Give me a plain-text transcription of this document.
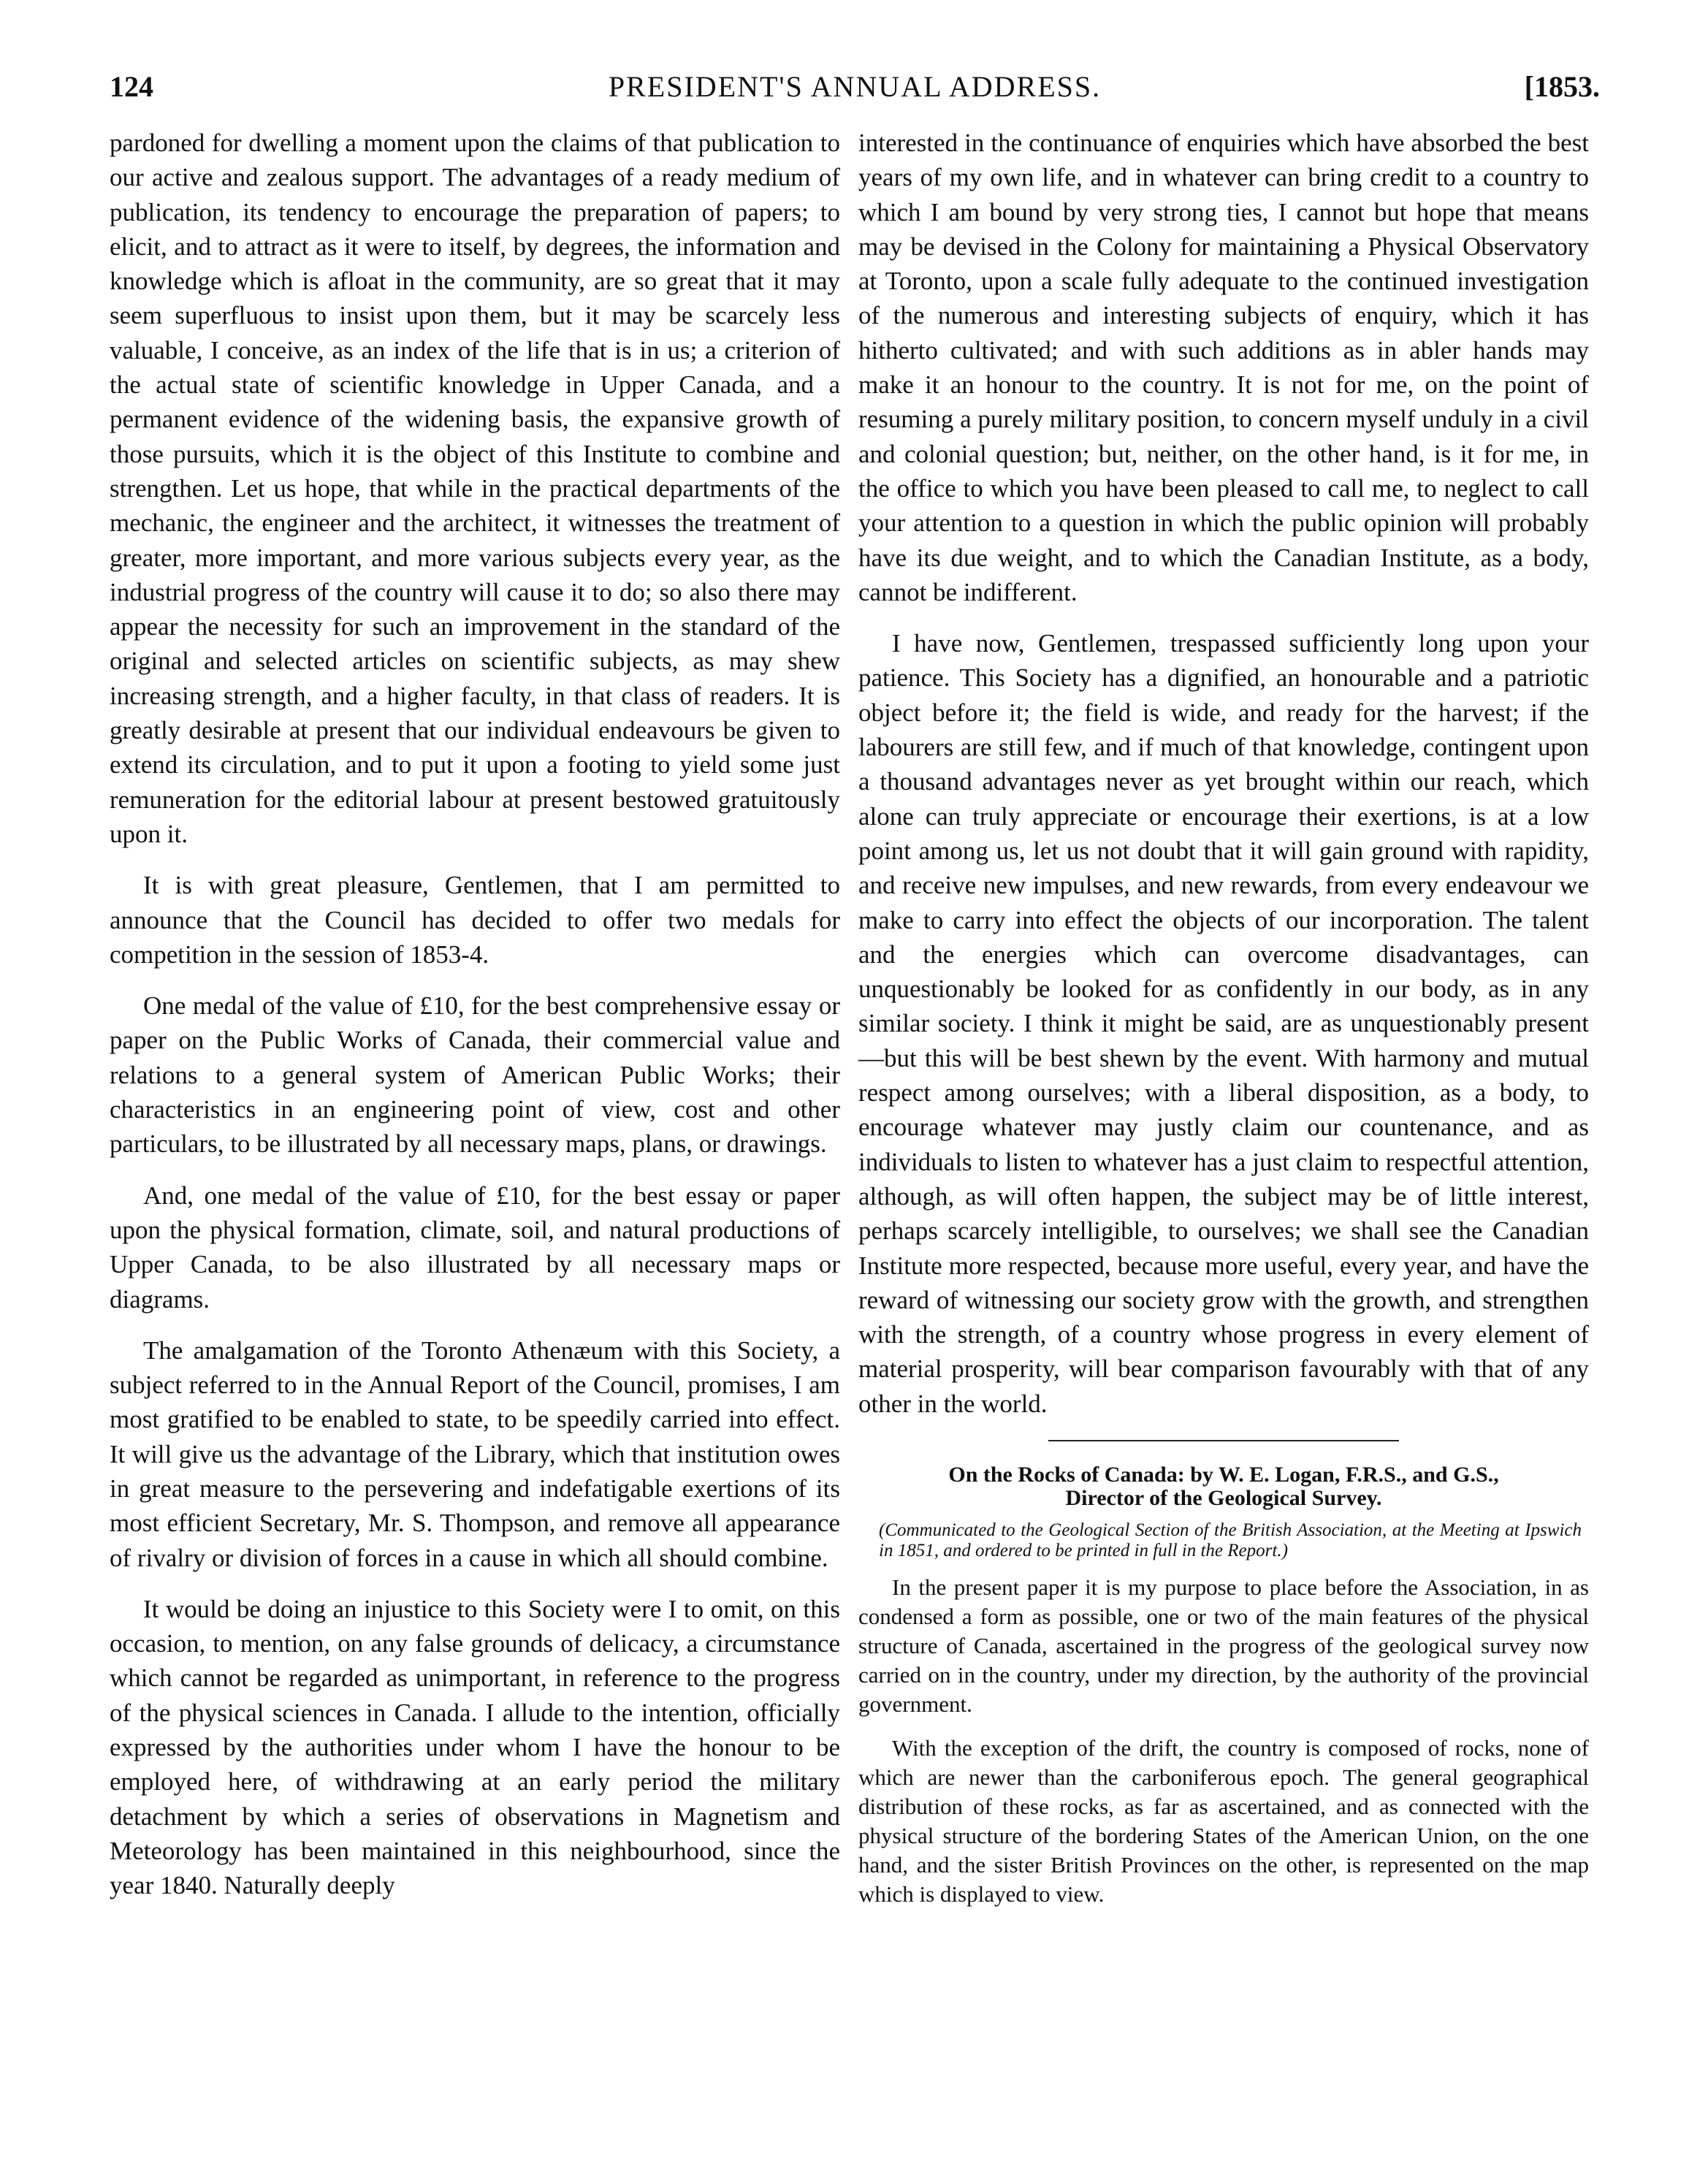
124	PRESIDENT'S ANNUAL ADDRESS.	[1853.

pardoned for dwelling a moment upon the claims of that publication to our active and zealous support. The advantages of a ready medium of publication, its tendency to encourage the preparation of papers; to elicit, and to attract as it were to itself, by degrees, the information and knowledge which is afloat in the community, are so great that it may seem superfluous to insist upon them, but it may be scarcely less valuable, I conceive, as an index of the life that is in us; a criterion of the actual state of scientific knowledge in Upper Canada, and a permanent evidence of the widening basis, the expansive growth of those pursuits, which it is the object of this Institute to combine and strengthen. Let us hope, that while in the practical departments of the mechanic, the engineer and the architect, it witnesses the treatment of greater, more important, and more various subjects every year, as the industrial progress of the country will cause it to do; so also there may appear the necessity for such an improvement in the standard of the original and selected articles on scientific subjects, as may shew increasing strength, and a higher faculty, in that class of readers. It is greatly desirable at present that our individual endeavours be given to extend its circulation, and to put it upon a footing to yield some just remuneration for the editorial labour at present bestowed gratuitously upon it.

It is with great pleasure, Gentlemen, that I am permitted to announce that the Council has decided to offer two medals for competition in the session of 1853-4.

One medal of the value of £10, for the best comprehensive essay or paper on the Public Works of Canada, their commercial value and relations to a general system of American Public Works; their characteristics in an engineering point of view, cost and other particulars, to be illustrated by all necessary maps, plans, or drawings.

And, one medal of the value of £10, for the best essay or paper upon the physical formation, climate, soil, and natural productions of Upper Canada, to be also illustrated by all necessary maps or diagrams.

The amalgamation of the Toronto Athenæum with this Society, a subject referred to in the Annual Report of the Council, promises, I am most gratified to be enabled to state, to be speedily carried into effect. It will give us the advantage of the Library, which that institution owes in great measure to the persevering and indefatigable exertions of its most efficient Secretary, Mr. S. Thompson, and remove all appearance of rivalry or division of forces in a cause in which all should combine.

It would be doing an injustice to this Society were I to omit, on this occasion, to mention, on any false grounds of delicacy, a circumstance which cannot be regarded as unimportant, in reference to the progress of the physical sciences in Canada. I allude to the intention, officially expressed by the authorities under whom I have the honour to be employed here, of withdrawing at an early period the military detachment by which a series of observations in Magnetism and Meteorology has been maintained in this neighbourhood, since the year 1840. Naturally deeply

interested in the continuance of enquiries which have absorbed the best years of my own life, and in whatever can bring credit to a country to which I am bound by very strong ties, I cannot but hope that means may be devised in the Colony for maintaining a Physical Observatory at Toronto, upon a scale fully adequate to the continued investigation of the numerous and interesting subjects of enquiry, which it has hitherto cultivated; and with such additions as in abler hands may make it an honour to the country. It is not for me, on the point of resuming a purely military position, to concern myself unduly in a civil and colonial question; but, neither, on the other hand, is it for me, in the office to which you have been pleased to call me, to neglect to call your attention to a question in which the public opinion will probably have its due weight, and to which the Canadian Institute, as a body, cannot be indifferent.

I have now, Gentlemen, trespassed sufficiently long upon your patience. This Society has a dignified, an honourable and a patriotic object before it; the field is wide, and ready for the harvest; if the labourers are still few, and if much of that knowledge, contingent upon a thousand advantages never as yet brought within our reach, which alone can truly appreciate or encourage their exertions, is at a low point among us, let us not doubt that it will gain ground with rapidity, and receive new impulses, and new rewards, from every endeavour we make to carry into effect the objects of our incorporation. The talent and the energies which can overcome disadvantages, can unquestionably be looked for as confidently in our body, as in any similar society. I think it might be said, are as unquestionably present—but this will be best shewn by the event. With harmony and mutual respect among ourselves; with a liberal disposition, as a body, to encourage whatever may justly claim our countenance, and as individuals to listen to whatever has a just claim to respectful attention, although, as will often happen, the subject may be of little interest, perhaps scarcely intelligible, to ourselves; we shall see the Canadian Institute more respected, because more useful, every year, and have the reward of witnessing our society grow with the growth, and strengthen with the strength, of a country whose progress in every element of material prosperity, will bear comparison favourably with that of any other in the world.

On the Rocks of Canada: by W. E. Logan, F.R.S., and G.S.,
Director of the Geological Survey.
(Communicated to the Geological Section of the British Association, at the Meeting at Ipswich in 1851, and ordered to be printed in full in the Report.)

In the present paper it is my purpose to place before the Association, in as condensed a form as possible, one or two of the main features of the physical structure of Canada, ascertained in the progress of the geological survey now carried on in the country, under my direction, by the authority of the provincial government.

With the exception of the drift, the country is composed of rocks, none of which are newer than the carboniferous epoch. The general geographical distribution of these rocks, as far as ascertained, and as connected with the physical structure of the bordering States of the American Union, on the one hand, and the sister British Provinces on the other, is represented on the map which is displayed to view.
